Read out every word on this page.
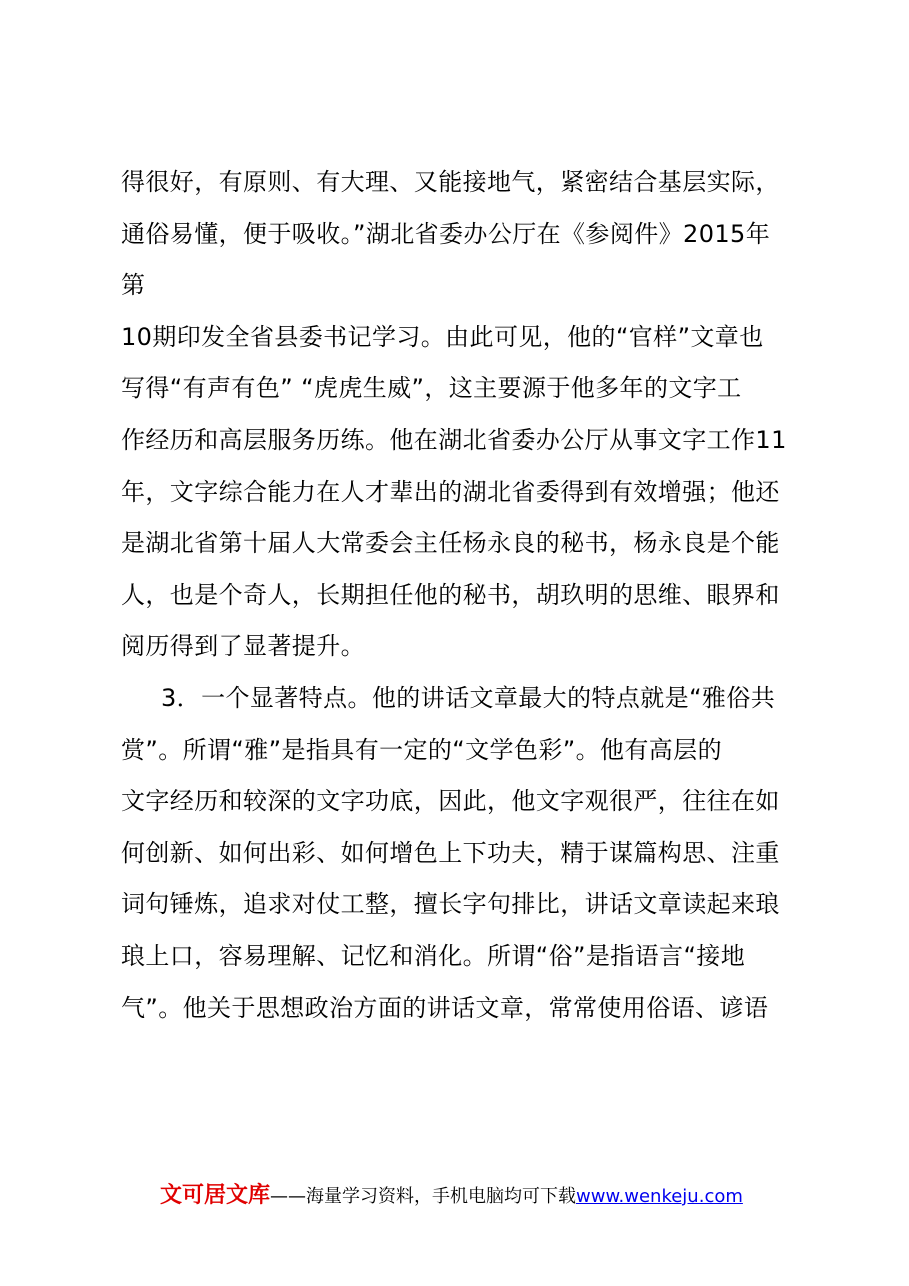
得很好，有原则、有大理、又能接地气，紧密结合基层实际，
通俗易懂，便于吸收。”湖北省委办公厅在《参阅件》2015年
第
10期印发全省县委书记学习。由此可见，他的“官样”文章也
写得“有声有色” “虎虎生威”，这主要源于他多年的文字工
作经历和高层服务历练。他在湖北省委办公厅从事文字工作11
年，文字综合能力在人才辈出的湖北省委得到有效增强；他还
是湖北省第十届人大常委会主任杨永良的秘书，杨永良是个能
人，也是个奇人，长期担任他的秘书，胡玖明的思维、眼界和
阅历得到了显著提升。
3．一个显著特点。他的讲话文章最大的特点就是“雅俗共
赏”。所谓“雅”是指具有一定的“文学色彩”。他有高层的
文字经历和较深的文字功底，因此，他文字观很严，往往在如
何创新、如何出彩、如何增色上下功夫，精于谋篇构思、注重
词句锤炼，追求对仗工整，擅长字句排比，讲话文章读起来琅
琅上口，容易理解、记忆和消化。所谓“俗”是指语言“接地
气”。他关于思想政治方面的讲话文章，常常使用俗语、谚语
文可居文库——海量学习资料，手机电脑均可下载www.wenkeju.com
